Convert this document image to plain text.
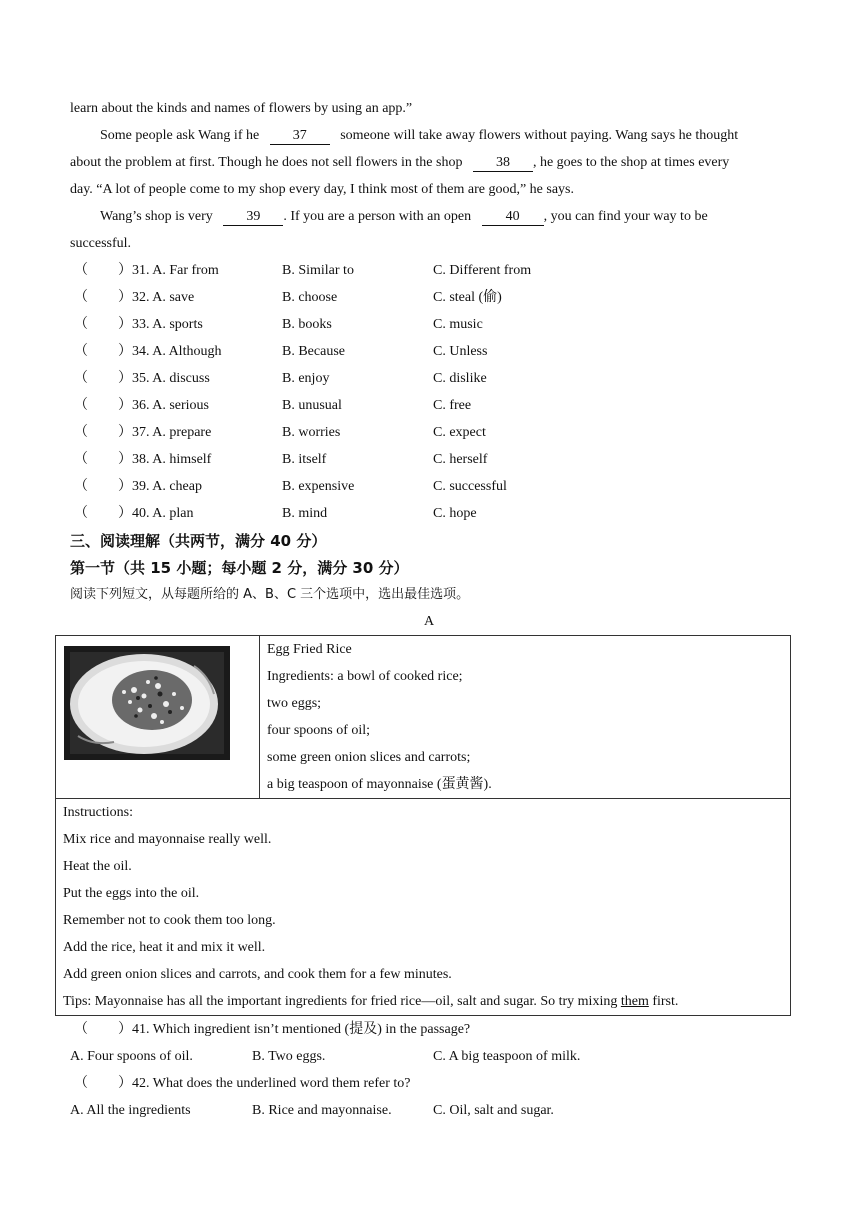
learn about the kinds and names of flowers by using an app.”
Some people ask Wang if he 37 someone will take away flowers without paying. Wang says he thought
about the problem at first. Though he does not sell flowers in the shop 38 , he goes to the shop at times every
day. “A lot of people come to my shop every day, I think most of them are good,” he says.
Wang’s shop is very 39 . If you are a person with an open 40 , you can find your way to be
successful.
（ ）31. A. Far from	B. Similar to	C. Different from
（ ）32. A. save	B. choose	C. steal (偷)
（ ）33. A. sports	B. books	C. music
（ ）34. A. Although	B. Because	C. Unless
（ ）35. A. discuss	B. enjoy	C. dislike
（ ）36. A. serious	B. unusual	C. free
（ ）37. A. prepare	B. worries	C. expect
（ ）38. A. himself	B. itself	C. herself
（ ）39. A. cheap	B. expensive	C. successful
（ ）40. A. plan	B. mind	C. hope
三、阅读理解（共两节，满分 40 分）
第一节（共 15 小题；每小题 2 分，满分 30 分）
阅读下列短文，从每题所给的 A、B、C 三个选项中，选出最佳选项。
A

Egg Fried Rice
Ingredients: a bowl of cooked rice;
two eggs;
four spoons of oil;
some green onion slices and carrots;
a big teaspoon of mayonnaise (蛋黄酱).

Instructions:
Mix rice and mayonnaise really well.
Heat the oil.
Put the eggs into the oil.
Remember not to cook them too long.
Add the rice, heat it and mix it well.
Add green onion slices and carrots, and cook them for a few minutes.
Tips: Mayonnaise has all the important ingredients for fried rice—oil, salt and sugar. So try mixing them first.
（ ）41. Which ingredient isn’t mentioned (提及) in the passage?
A. Four spoons of oil.	B. Two eggs.	C. A big teaspoon of milk.
（ ）42. What does the underlined word them refer to?
A. All the ingredients	B. Rice and mayonnaise.	C. Oil, salt and sugar.
